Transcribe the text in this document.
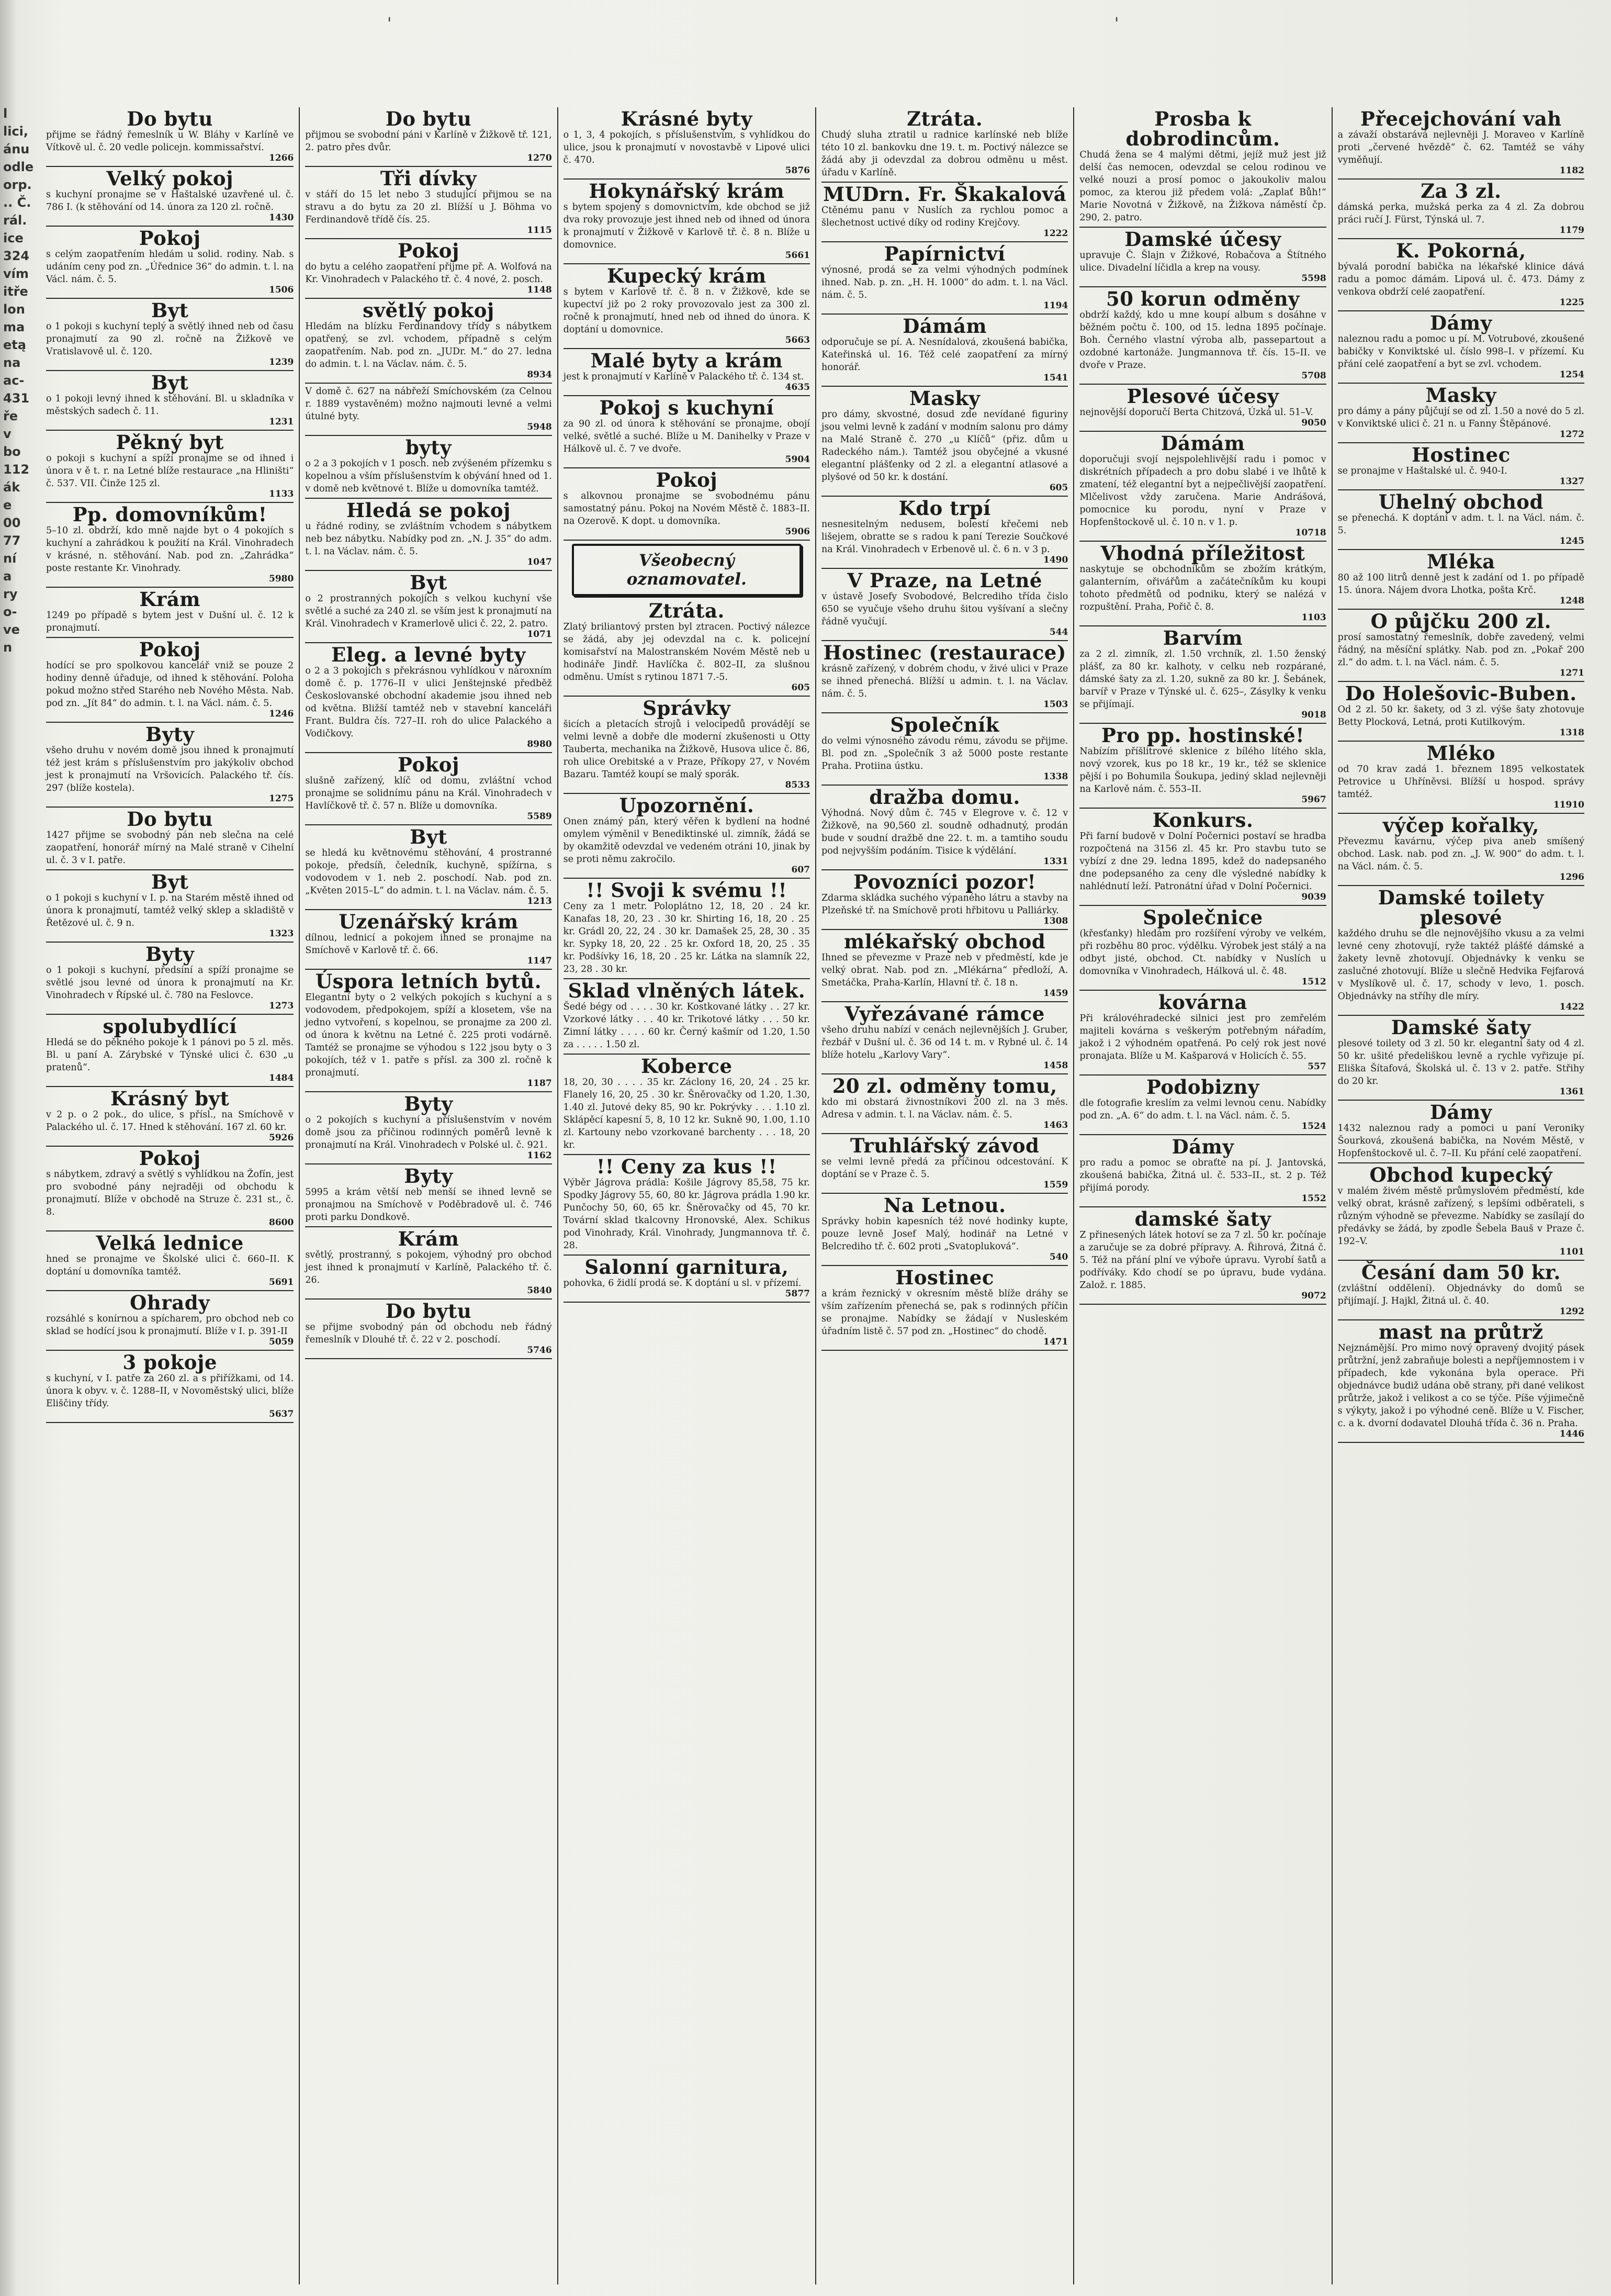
'	'
l
lici,
ánu
odle
orp.
.. Č.
rál.
ice
324
vím
itře
lon
ma
etą
na
ac-
431
ře
v
bo
112
ák
e
00
77
ní
a
ry
o-
ve
n
Do bytu

přijme se řádný řemeslník u W. Bláhy v Karlíně ve Vítkově ul. č. 20 vedle policejn. kommissařství.

1266
Velký pokoj

s kuchyní pronajme se v Haštalské uzavřené ul. č. 786 I. (k stěhování od 14. února za 120 zl. ročně.

1430
Pokoj

s celým zaopatřením hledám u solid. rodiny. Nab. s udáním ceny pod zn. „Úřednice 36“ do admin. t. l. na Václ. nám. č. 5.

1506
Byt

o 1 pokoji s kuchyní teplý a světlý ihned neb od času pronajmutí za 90 zl. ročně na Žižkově ve Vratislavově ul. č. 120.

1239
Byt

o 1 pokoji levný ihned k stěhování. Bl. u skladníka v městských sadech č. 11.

1231
Pěkný byt

o pokoji s kuchyní a spíží pronajme se od ihned i února v ě t. r. na Letné blíže restaurace „na Hliništi“ č. 537. VII. Činže 125 zl.

1133
Pp. domovníkům!

5–10 zl. obdrží, kdo mně najde byt o 4 pokojích s kuchyní a zahrádkou k použití na Král. Vinohradech v krásné, n. stěhování. Nab. pod zn. „Zahrádka“ poste restante Kr. Vinohrady.

5980
Krám

1249 po případě s bytem jest v Dušní ul. č. 12 k pronajmutí.

Pokoj

hodící se pro spolkovou kancelář vniž se pouze 2 hodiny denně úřaduje, od ihned k stěhování. Poloha pokud možno střed Starého neb Nového Města. Nab. pod zn. „Jít 84“ do admin. t. l. na Václ. nám. č. 5.

1246
Byty

všeho druhu v novém domě jsou ihned k pronajmutí též jest krám s příslušenstvím pro jakýkoliv obchod jest k pronajmutí na Vršovicích. Palackého tř. čís. 297 (blíže kostela).

1275
Do bytu

1427 přijme se svobodný pán neb slečna na celé zaopatření, honorář mírný na Malé straně v Cihelní ul. č. 3 v I. patře.

Byt

o 1 pokoji s kuchyní v I. p. na Starém městě ihned od února k pronajmutí, tamtéž velký sklep a skladiště v Řetězové ul. č. 9 n.

1323
Byty

o 1 pokoji s kuchyní, předsíní a spíží pronajme se světlé jsou levné od února k pronajmutí na Kr. Vinohradech v Řípské ul. č. 780 na Feslovce.

1273
spolubydlící

Hledá se do pěkného pokoje k 1 pánovi po 5 zl. měs. Bl. u paní A. Zárybské v Týnské ulici č. 630 „u pratenů“.

1484
Krásný byt

v 2 p. o 2 pok., do ulice, s přísl., na Smíchově v Palackého ul. č. 17. Hned k stěhování. 167 zl. 60 kr.

5926
Pokoj

s nábytkem, zdravý a světlý s vyhlídkou na Žofín, jest pro svobodné pány nejraději od obchodu k pronajmutí. Blíže v obchodě na Struze č. 231 st., č. 8.

8600
Velká lednice

hned se pronajme ve Školské ulici č. 660–II. K doptání u domovníka tamtéž.

5691
Ohrady

rozsáhlé s konírnou a spícharem, pro obchod neb co sklad se hodící jsou k pronajmutí. Blíže v I. p. 391-II

5059
3 pokoje

s kuchyní, v I. patře za 260 zl. a s přiřížkami, od 14. února k obyv. v. č. 1288–II, v Novoměstský ulici, blíže Eliščiny třídy.

5637
Do bytu

přijmou se svobodní páni v Karlíně v Žižkově tř. 121, 2. patro přes dvůr.

1270
Tři dívky

v stáří do 15 let nebo 3 studující přijmou se na stravu a do bytu za 20 zl. Blížší u J. Böhma vo Ferdinandově třídě čís. 25.

1115
Pokoj

do bytu a celého zaopatření přijme př. A. Wolfová na Kr. Vinohradech v Palackého tř. č. 4 nové, 2. posch.

1148
světlý pokoj

Hledám na blízku Ferdinandovy třídy s nábytkem opatřený, se zvl. vchodem, případně s celým zaopatřením. Nab. pod zn. „JUDr. M.“ do 27. ledna do admin. t. l. na Václav. nám. č. 5.

8934

V domě č. 627 na nábřeží Smíchovském (za Celnou r. 1889 vystavěném) možno najmouti levné a velmi útulné byty.

5948
byty

o 2 a 3 pokojích v 1 posch. neb zvýšeném přízemku s kopelnou a vším příslušenstvím k obývání hned od 1. v domě neb květnové t. Blíže u domovníka tamtéž.

Hledá se pokoj

u řádné rodiny, se zvláštním vchodem s nábytkem neb bez nábytku. Nabídky pod zn. „N. J. 35“ do adm. t. l. na Václav. nám. č. 5.

1047
Byt

o 2 prostranných pokojích s velkou kuchyní vše světlé a suché za 240 zl. se vším jest k pronajmutí na Král. Vinohradech v Kramerlově ulici č. 22, 2. patro.

1071
Eleg. a levné byty

o 2 a 3 pokojích s překrásnou vyhlídkou v nároxním domě č. p. 1776–II v ulici Jenštejnské předběž Českoslovanské obchodní akademie jsou ihned neb od května. Bližší tamtéž neb v stavební kanceláři Frant. Buldra čís. 727–II. roh do ulice Palackého a Vodičkovy.

8980
Pokoj

slušně zařízený, klíč od domu, zvláštní vchod pronajme se solidnímu pánu na Král. Vinohradech v Havlíčkově tř. č. 57 n. Blíže u domovníka.

5589
Byt

se hledá ku květnovému stěhování, 4 prostranné pokoje, předsíň, čeledník, kuchyně, spížírna, s vodovodem v 1. neb 2. poschodí. Nab. pod zn. „Květen 2015–L“ do admin. t. l. na Václav. nám. č. 5.

1213
Uzenářský krám

dílnou, lednicí a pokojem ihned se pronajme na Smíchově v Karlově tř. č. 66.

1147
Úspora letních bytů.

Elegantní byty o 2 velkých pokojích s kuchyní a s vodovodem, předpokojem, spíží a klosetem, vše na jedno vytvoření, s kopelnou, se pronajme za 200 zl. od února k květnu na Letné č. 225 proti vodárně. Tamtéž se pronajme se výhodou s 122 jsou byty o 3 pokojích, též v 1. patře s přísl. za 300 zl. ročně k pronajmutí.

1187
Byty

o 2 pokojích s kuchyní a příslušenstvím v novém domě jsou za příčinou rodinných poměrů levně k pronajmutí na Král. Vinohradech v Polské ul. č. 921.

1162
Byty

5995 a krám větší neb menší se ihned levně se pronajmou na Smíchově v Poděbradově ul. č. 746 proti parku Dondkově.

Krám

světlý, prostranný, s pokojem, výhodný pro obchod jest ihned k pronajmutí v Karlíně, Palackého tř. č. 26.

5840
Do bytu

se přijme svobodný pán od obchodu neb řádný řemeslník v Dlouhé tř. č. 22 v 2. poschodí.

5746
Krásné byty

o 1, 3, 4 pokojích, s příslušenstvím, s vyhlídkou do ulice, jsou k pronajmutí v novostavbě v Lipové ulici č. 470.

5876
Hokynářský krám

s bytem spojený s domovnictvím, kde obchod se již dva roky provozuje jest ihned neb od ihned od února k pronajmutí v Žižkově v Karlově tř. č. 8 n. Blíže u domovnice.

5661
Kupecký krám

s bytem v Karlově tř. č. 8 n. v Žižkově, kde se kupectví již po 2 roky provozovalo jest za 300 zl. ročně k pronajmutí, hned neb od ihned do února. K doptání u domovnice.

5663
Malé byty a krám

jest k pronajmutí v Karlíně v Palackého tř. č. 134 st.

4635
Pokoj s kuchyní

za 90 zl. od února k stěhování se pronajme, obojí velké, světlé a suché. Blíže u M. Danihelky v Praze v Hálkově ul. č. 7 ve dvoře.

5904
Pokoj

s alkovnou pronajme se svobodnému pánu samostatný pánu. Pokoj na Novém Městě č. 1883–II. na Ozerově. K dopt. u domovníka.

5906
Všeobecný
oznamovatel.
Ztráta.

Zlatý briliantový prsten byl ztracen. Poctivý nálezce se žádá, aby jej odevzdal na c. k. policejní komisařství na Malostranském Novém Městě neb u hodináře Jindř. Havlíčka č. 802–II, za slušnou odměnu. Umíst s rytinou 1871 7.-5.

605
Správky

šicích a pletacích strojů i velocipedů provádějí se velmi levně a dobře dle moderní zkušenosti u Otty Tauberta, mechanika na Žižkově, Husova ulice č. 86, roh ulice Orebitské a v Praze, Příkopy 27, v Novém Bazaru. Tamtéž koupí se malý sporák.

8533
Upozornění.

Onen známý pán, který věřen k bydlení na hodné omylem výměnil v Benediktinské ul. zimník, žádá se by okamžitě odevzdal ve vedeném otráni 10, jinak by se proti němu zakročilo.

607
!! Svoji k svému !!

Ceny za 1 metr. Poloplátno 12, 18, 20 . 24 kr. Kanafas 18, 20, 23 . 30 kr. Shirting 16, 18, 20 . 25 kr. Grádl 20, 22, 24 . 30 kr. Damašek 25, 28, 30 . 35 kr. Sypky 18, 20, 22 . 25 kr. Oxford 18, 20, 25 . 35 kr. Podšívky 16, 18, 20 . 25 kr. Látka na slamník 22, 23, 28 . 30 kr.

Sklad vlněných látek.

Šedé bégy od . . . . 30 kr. Kostkované látky . . 27 kr. Vzorkové látky . . . 40 kr. Trikotové látky . . . 50 kr. Zimní látky . . . . 60 kr. Černý kašmír od 1.20, 1.50 za . . . . . 1.50 zl.

Koberce

18, 20, 30 . . . . 35 kr. Záclony 16, 20, 24 . 25 kr. Flanely 16, 20, 25 . 30 kr. Šněrovačky od 1.20, 1.30, 1.40 zl. Jutové deky 85, 90 kr. Pokrývky . . . 1.10 zl. Sklápěcí kapesní 5, 8, 10 12 kr. Sukně 90, 1.00, 1.10 zl. Kartouny nebo vzorkované barchenty . . . 18, 20 kr.

!! Ceny za kus !!

Výběr Jágrova prádla: Košile Jágrovy 85,58, 75 kr. Spodky Jágrovy 55, 60, 80 kr. Jágrova prádla 1.90 kr. Punčochy 50, 60, 65 kr. Šněrovačky od 45, 70 kr. Tovární sklad tkalcovny Hronovské, Alex. Schikus pod Vinohrady, Král. Vinohrady, Jungmannova tř. č. 28.

Salonní garnitura,

pohovka, 6 židlí prodá se. K doptání u sl. v přízemí.

5877
Ztráta.

Chudý sluha ztratil u radnice karlínské neb blíže této 10 zl. bankovku dne 19. t. m. Poctivý nálezce se žádá aby ji odevzdal za dobrou odměnu u měst. úřadu v Karlíně.

MUDrn. Fr. Škakalová

Ctěnému panu v Nuslích za rychlou pomoc a šlechetnost uctivé díky od rodiny Krejčovy.

1222
Papírnictví

výnosné, prodá se za velmi výhodných podmínek ihned. Nab. p. zn. „H. H. 1000“ do adm. t. l. na Václ. nám. č. 5.

1194
Dámám

odporučuje se pí. A. Nesnídalová, zkoušená babička, Kateřinská ul. 16. Též celé zaopatření za mírný honorář.

1541
Masky

pro dámy, skvostné, dosud zde nevídané figuriny jsou velmi levně k zadání v modním salonu pro dámy na Malé Straně č. 270 „u Klíčů“ (přiz. dům u Radeckého nám.). Tamtéž jsou obyčejné a vkusné elegantní plášťenky od 2 zl. a elegantní atlasové a plyšové od 50 kr. k dostání.

605
Kdo trpí

nesnesitelným nedusem, bolestí křečemi neb lišejem, obratte se s radou k paní Terezie Součkové na Král. Vinohradech v Erbenově ul. č. 6 n. v 3 p.

1490
V Praze, na Letné

v ústavě Josefy Svobodové, Belcrediho třída čislo 650 se vyučuje všeho druhu šitou vyšívaní a slečny řádně vyučují.

544
Hostinec (restaurace)

krásně zařízený, v dobrém chodu, v živé ulici v Praze se ihned přenechá. Blížší u admin. t. l. na Václav. nám. č. 5.

1503
Společník

do velmi výnosného závodu rému, závodu se přijme. Bl. pod zn. „Společník 3 až 5000 poste restante Praha. Protiina ústku.

1338
dražba domu.

Výhodná. Nový dům č. 745 v Elegrove v. č. 12 v Žižkově, na 90,560 zl. soudně odhadnutý, prodán bude v soudní dražbě dne 22. t. m. a tamtiho soudu pod nejvyšším podáním. Tisice k výdělání.

1331
Povozníci pozor!

Zdarma skládka suchého výpaného látru a stavby na Plzeňské tř. na Smíchově proti hřbitovu u Palliárky.

1308
mlékařský obchod

Ihned se převezme v Praze neb v předměstí, kde je velký obrat. Nab. pod zn. „Mlékárna“ předloží, A. Smetáčka, Praha-Karlín, Hlavní tř. č. 18 n.

1459
Vyřezávané rámce

všeho druhu nabízí v cenách nejlevnějších J. Gruber, řezbář v Dušní ul. č. 36 od 14 t. m. v Rybné ul. č. 14 blíže hotelu „Karlovy Vary“.

1458
20 zl. odměny tomu,

kdo mi obstará živnostníkovi 200 zl. na 3 měs. Adresa v admin. t. l. na Václav. nám. č. 5.

1463
Truhlářský závod

se velmi levně předá za příčinou odcestování. K doptání se v Praze č. 5.

1559
Na Letnou.

Správky hobin kapesních též nové hodinky kupte, pouze levně Josef Malý, hodinář na Letné v Belcrediho tř. č. 602 proti „Svatopluková“.

540
Hostinec

a krám řeznický v okresním městě blíže dráhy se vším zařízením přenechá se, pak s rodinných příčin se pronajme. Nabídky se žádají v Nusleském úřadním listě č. 57 pod zn. „Hostinec“ do chodě.

1471
Prosba k dobrodincům.

Chudá žena se 4 malými dětmi, jejíž muž jest již delší čas nemocen, odevzdal se celou rodinou ve velké nouzi a prosí pomoc o jakoukoliv malou pomoc, za kterou již předem volá: „Zaplať Bůh!“ Marie Novotná v Žižkově, na Žižkova náměstí čp. 290, 2. patro.

Damské účesy

upravuje Č. Šlajn v Žižkové, Robačova a Štítného ulice. Divadelní líčidla a krep na vousy.

5598
50 korun odměny

obdrží každý, kdo u mne koupí album s dosáhne v běžném počtu č. 100, od 15. ledna 1895 počínaje. Boh. Černého vlastní výroba alb, passepartout a ozdobné kartonáže. Jungmannova tř. čís. 15–II. ve dvoře v Praze.

5708
Plesové účesy

nejnovější doporučí Berta Chitzová, Úzká ul. 51–V.

9050
Dámám

doporučuji svojí nejspolehlivější radu i pomoc v diskrétních případech a pro dobu slabé i ve lhůtě k zmatení, též elegantní byt a nejpečlivější zaopatření. Mlčelivost vždy zaručena. Marie Andrášová, pomocnice ku porodu, nyní v Praze v Hopfenštockově ul. č. 10 n. v 1. p.

10718
Vhodná příležitost

naskytuje se obchodníkům se zbožím krátkým, galanterním, ořivářům a začátečníkům ku koupi tohoto předmětů od podniku, který se nalézá v rozpuštění. Praha, Pořič č. 8.

1103
Barvím

za 2 zl. zimník, zl. 1.50 vrchník, zl. 1.50 ženský plášť, za 80 kr. kalhoty, v celku neb rozpárané, dámské šaty za zl. 1.20, sukně za 80 kr. J. Šebánek, barvíř v Praze v Týnské ul. č. 625–, Zásylky k venku se přijímají.

9018
Pro pp. hostinské!

Nabízím příšlitrové sklenice z bílého lítého skla, nový vzorek, kus po 18 kr., 19 kr., též se sklenice pější i po Bohumila Šoukupa, jediný sklad nejlevněji na Karlově nám. č. 553–II.

5967
Konkurs.

Při farní budově v Dolní Počernici postaví se hradba rozpočtená na 3156 zl. 45 kr. Pro stavbu tuto se vybízí z dne 29. ledna 1895, kdež do nadepsaného dne podepsaného za ceny dle výsledné nabídky k nahlédnutí leží. Patronátní úřad v Dolní Počernici.

9039
Společnice

(křesťanky) hledám pro rozšíření výroby ve velkém, při rozběhu 80 proc. výdělku. Výrobek jest stálý a na odbyt jisté, obchod. Ct. nabídky v Nuslích u domovníka v Vinohradech, Hálková ul. č. 48.

1512
kovárna

Při královéhradecké silnici jest pro zemřelém majiteli kovárna s veškerým potřebným nářadím, jakož i 2 výhodném opatřená. Po celý rok jest nové pronajata. Blíže u M. Kašparová v Holicích č. 55.

557
Podobizny

dle fotografie kreslím za velmi levnou cenu. Nabídky pod zn. „A. 6“ do adm. t. l. na Václ. nám. č. 5.

1524
Dámy

pro radu a pomoc se obraťte na pí. J. Jantovská, zkoušená babička, Žitná ul. č. 533–II., st. 2 p. Též přijímá porody.

1552
damské šaty

Z přinesených látek hotoví se za 7 zl. 50 kr. počínaje a zaručuje se za dobré přípravy. A. Řihrová, Žitná č. 5. Též na přání plní ve výboře úpravu. Vyrobí šatů a podříváky. Kdo chodí se po úpravu, bude vydána. Založ. r. 1885.

9072
Přecejchování vah

a závaží obstarává nejlevněji J. Moraveo v Karlíně proti „červené hvězdě“ č. 62. Tamtéž se váhy vyměňují.

1182
Za 3 zl.

dámská perka, mužská perka za 4 zl. Za dobrou práci ručí J. Fürst, Týnská ul. 7.

1179
K. Pokorná,

bývalá porodní babička na lékařské klinice dává radu a pomoc dámám. Lipová ul. č. 473. Dámy z venkova obdrží celé zaopatření.

1225
Dámy

naleznou radu a pomoc u pí. M. Votrubové, zkoušené babičky v Konviktské ul. číslo 998–I. v přízemí. Ku přání celé zaopatření a byt se zvl. vchodem.

1254
Masky

pro dámy a pány půjčují se od zl. 1.50 a nové do 5 zl. v Konviktské ulici č. 21 n. u Fanny Štěpánové.

1272
Hostinec

se pronajme v Haštalské ul. č. 940-I.

1327
Uhelný obchod

se přenechá. K doptání v adm. t. l. na Václ. nám. č. 5.

1245
Mléka

80 až 100 litrů denně jest k zadání od 1. po případě 15. února. Nájem dvora Lhotka, pošta Krč.

1248
O půjčku 200 zl.

prosí samostatný řemeslník, dobře zavedený, velmi řádný, na měsíční splátky. Nab. pod zn. „Pokař 200 zl.“ do adm. t. l. na Václ. nám. č. 5.

1271
Do Holešovic-Buben.

Od 2 zl. 50 kr. šakety, od 3 zl. výše šaty zhotovuje Betty Plocková, Letná, proti Kutilkovým.

1318
Mléko

od 70 krav zadá 1. březnem 1895 velkostatek Petrovice u Uhříněvsi. Blížší u hospod. správy tamtéž.

11910
výčep kořalky,

Převezmu kavárnu, výčep piva aneb smíšený obchod. Lask. nab. pod zn. „J. W. 900“ do adm. t. l. na Václ. nám. č. 5.

1296
Damské toilety plesové

každého druhu se dle nejnovějšího vkusu a za velmi levné ceny zhotovují, ryže taktéž plášťé dámské a žakety levně zhotovují. Objednávky k venku se zaslučné zhotovují. Blíže u slečně Hedvika Fejfarová v Myslíkově ul. č. 17, schody v levo, 1. posch. Objednávky na stříhy dle míry.

1422
Damské šaty

plesové toilety od 3 zl. 50 kr. elegantní šaty od 4 zl. 50 kr. ušité předeliškou levně a rychle vyřizuje pí. Eliška Šítafová, Školská ul. č. 13 v 2. patře. Střihy do 20 kr.

1361
Dámy

1432 naleznou rady a pomoci u paní Veroniky Šourková, zkoušená babička, na Novém Městě, v Hopfenštockově ul. č. 7–II. Ku přání celé zaopatření.

Obchod kupecký

v malém živém městě průmyslovém předměstí, kde velký obrat, krásně zařízený, s lepšími odběrateli, s různým výhodně se převezme. Nabídky se zasílají do předávky se žádá, by zpodle Šebela Bauš v Praze č. 192–V.

1101
Česání dam 50 kr.

(zvláštní oddělení). Objednávky do domů se přijímají. J. Hajkl, Žitná ul. č. 40.

1292
mast na průtrž

Nejznámější. Pro mimo nový opravený dvojitý pásek průtržní, jenž zabraňuje bolesti a nepříjemnostem i v případech, kde vykonána byla operace. Při objednávce budiž udána obě strany, při dané velikost průtrže, jakož i velikost a co se týče. Píše výjimečně s výkyty, jakož i po výhodné ceně. Blíže u V. Fischer, c. a k. dvorní dodavatel Dlouhá třída č. 36 n. Praha.

1446
